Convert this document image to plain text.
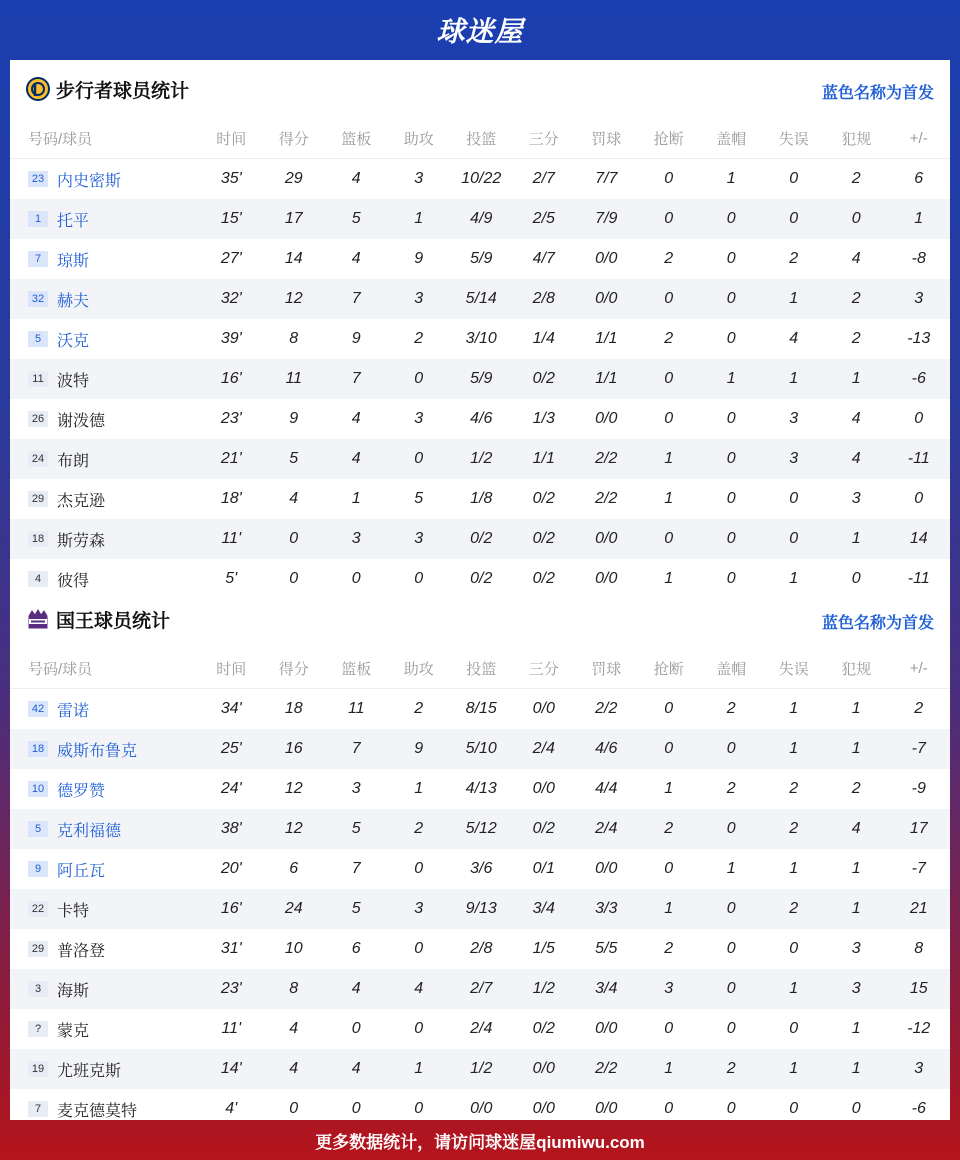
球迷屋
步行者球员统计	蓝色名称为首发
号码/球员	时间	得分	篮板	助攻	投篮	三分	罚球	抢断	盖帽	失误	犯规	+/-
23 内史密斯	35'	29	4	3	10/22	2/7	7/7	0	1	0	2	6
1 托平	15'	17	5	1	4/9	2/5	7/9	0	0	0	0	1
7 琼斯	27'	14	4	9	5/9	4/7	0/0	2	0	2	4	-8
32 赫夫	32'	12	7	3	5/14	2/8	0/0	0	0	1	2	3
5 沃克	39'	8	9	2	3/10	1/4	1/1	2	0	4	2	-13
11 波特	16'	11	7	0	5/9	0/2	1/1	0	1	1	1	-6
26 谢泼德	23'	9	4	3	4/6	1/3	0/0	0	0	3	4	0
24 布朗	21'	5	4	0	1/2	1/1	2/2	1	0	3	4	-11
29 杰克逊	18'	4	1	5	1/8	0/2	2/2	1	0	0	3	0
18 斯劳森	11'	0	3	3	0/2	0/2	0/0	0	0	0	1	14
4 彼得	5'	0	0	0	0/2	0/2	0/0	1	0	1	0	-11
国王球员统计	蓝色名称为首发
号码/球员	时间	得分	篮板	助攻	投篮	三分	罚球	抢断	盖帽	失误	犯规	+/-
42 雷诺	34'	18	11	2	8/15	0/0	2/2	0	2	1	1	2
18 威斯布鲁克	25'	16	7	9	5/10	2/4	4/6	0	0	1	1	-7
10 德罗赞	24'	12	3	1	4/13	0/0	4/4	1	2	2	2	-9
5 克利福德	38'	12	5	2	5/12	0/2	2/4	2	0	2	4	17
9 阿丘瓦	20'	6	7	0	3/6	0/1	0/0	0	1	1	1	-7
22 卡特	16'	24	5	3	9/13	3/4	3/3	1	0	2	1	21
29 普洛登	31'	10	6	0	2/8	1/5	5/5	2	0	0	3	8
3 海斯	23'	8	4	4	2/7	1/2	3/4	3	0	1	3	15
? 蒙克	11'	4	0	0	2/4	0/2	0/0	0	0	0	1	-12
19 尤班克斯	14'	4	4	1	1/2	0/0	2/2	1	2	1	1	3
7 麦克德莫特	4'	0	0	0	0/0	0/0	0/0	0	0	0	0	-6
更多数据统计，请访问球迷屋qiumiwu.com
